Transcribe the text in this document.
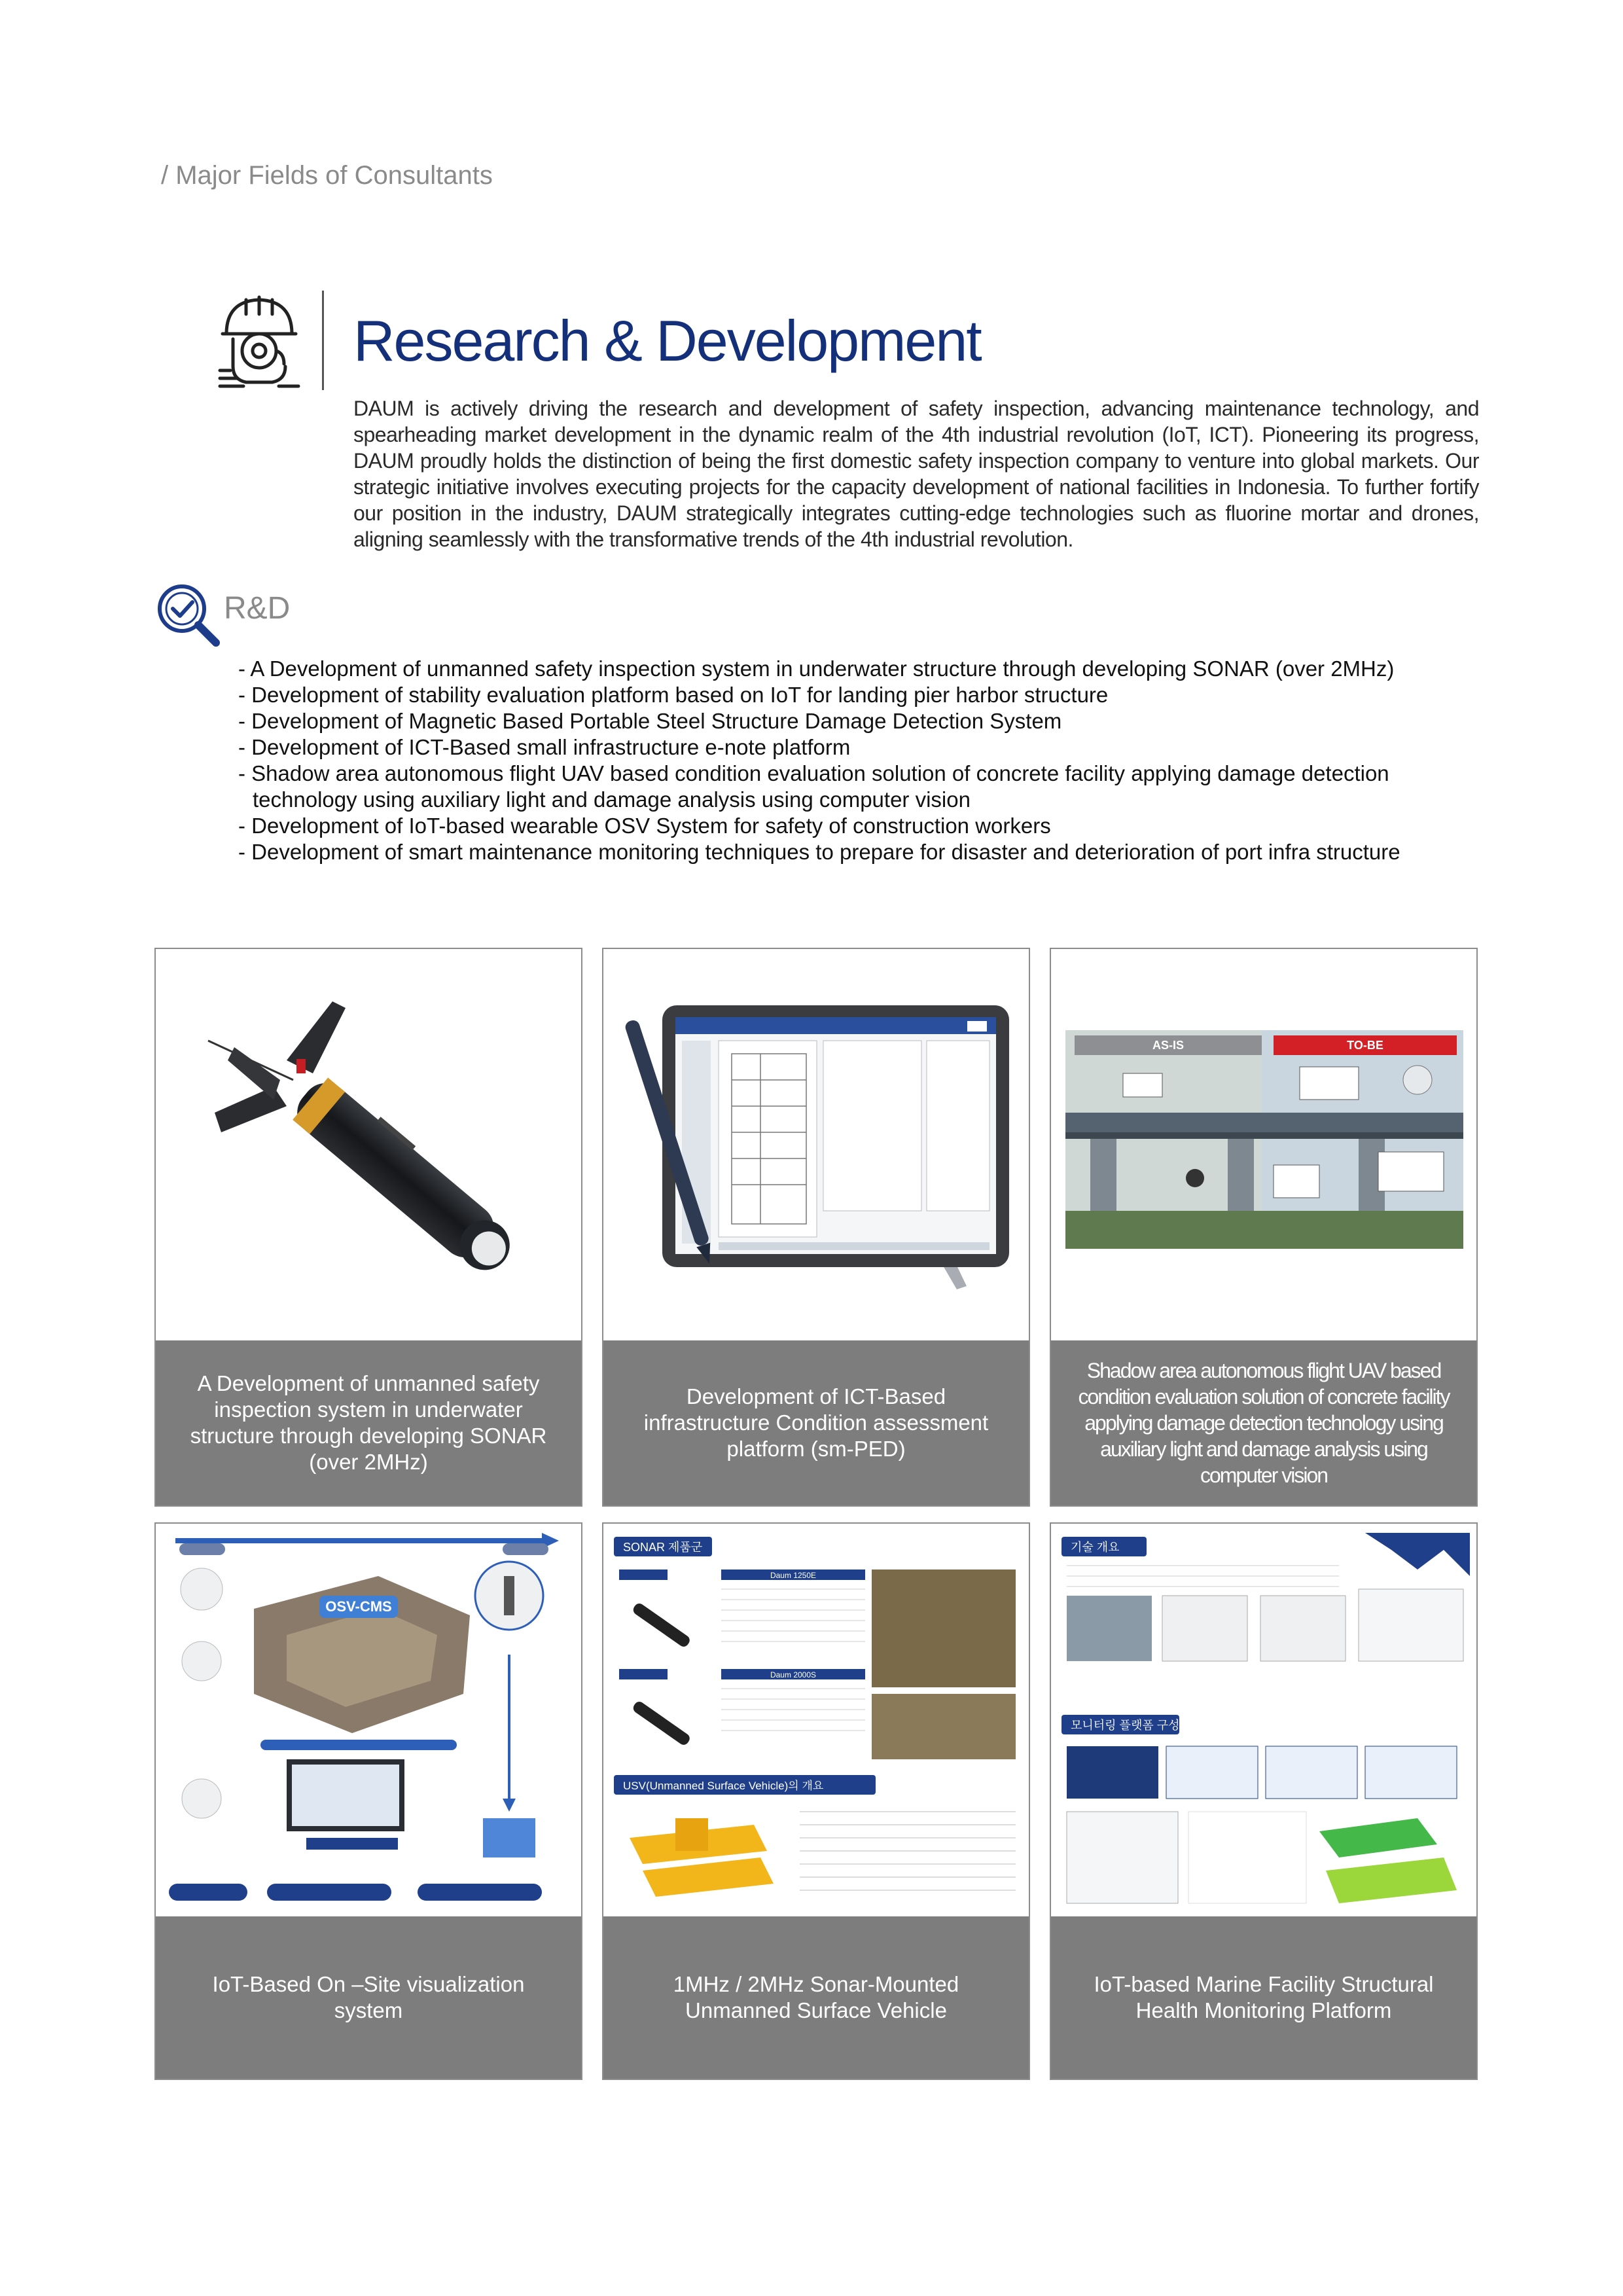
/ Major Fields of Consultants
Research & Development
DAUM is actively driving the research and development of safety inspection, advancing maintenance technology, and spearheading market development in the dynamic realm of the 4th industrial revolution (IoT, ICT). Pioneering its progress, DAUM proudly holds the distinction of being the first domestic safety inspection company to venture into global markets. Our strategic initiative involves executing projects for the capacity development of national facilities in Indonesia. To further fortify our position in the industry, DAUM strategically integrates cutting-edge technologies such as fluorine mortar and drones, aligning seamlessly with the transformative trends of the 4th industrial revolution.
R&D
- A Development of unmanned safety inspection system in underwater structure through developing SONAR (over 2MHz)
- Development of stability evaluation platform based on IoT for landing pier harbor structure
- Development of Magnetic Based Portable Steel Structure Damage Detection System
- Development of ICT-Based small infrastructure e-note platform
- Shadow area autonomous flight UAV based condition evaluation solution of concrete facility applying damage detection technology using auxiliary light and damage analysis using computer vision
- Development of IoT-based wearable OSV System for safety of construction workers
- Development of smart maintenance monitoring techniques to prepare for disaster and deterioration of port infra structure
A Development of unmanned safety inspection system in underwater structure through developing SONAR (over 2MHz)
Development of ICT-Based infrastructure Condition assessment platform (sm-PED)
AS-IS	TO-BE
Shadow area autonomous flight UAV based condition evaluation solution of concrete facility applying damage detection technology using auxiliary light and damage analysis using computer vision
OSV-CMS
IoT-Based On –Site visualization system
SONAR 제품군
Daum 1250E
Daum 2000S
USV(Unmanned Surface Vehicle)의 개요
1MHz / 2MHz Sonar-Mounted Unmanned Surface Vehicle
기술 개요
모니터링 플랫폼 구성
IoT-based Marine Facility Structural Health Monitoring Platform
